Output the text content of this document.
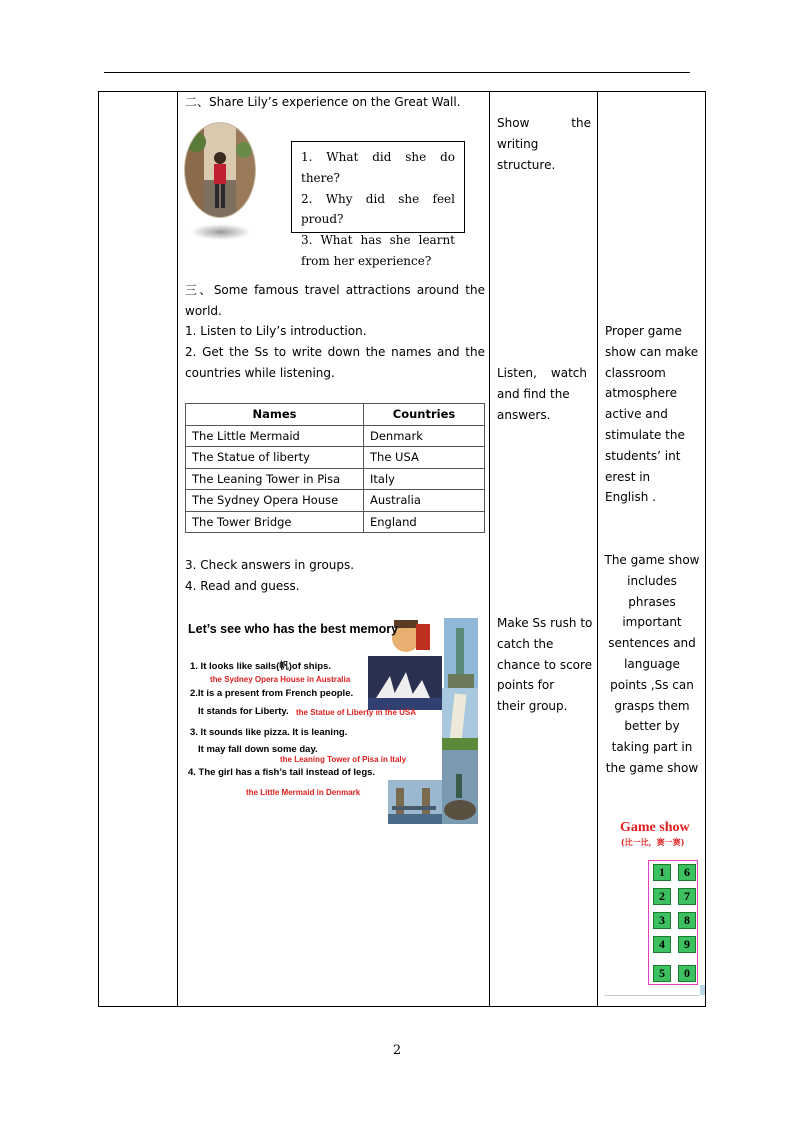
二、Share Lily’s experience on the Great Wall.
1. What did she do there?
2. Why did she feel proud?
3. What has she learnt from her experience?
三、Some famous travel attractions around the
world.
1. Listen to Lily’s introduction.
2. Get the Ss to write down the names and the
countries while listening.
Names	Countries
The Little Mermaid	Denmark
The Statue of liberty	The USA
The Leaning Tower in Pisa	Italy
The Sydney Opera House	Australia
The Tower Bridge	England
3. Check answers in groups.
4. Read and guess.
Let’s see who has the best memory
1. It looks like sails(帆)of ships.
the Sydney Opera House in Australia
2.It is a present from French people.
It stands for Liberty. the Statue of Liberty in the USA
3. It sounds like pizza. It is leaning.
It may fall down some day.
the Leaning Tower of Pisa in Italy
4. The girl has a fish’s tail instead of legs.
the Little Mermaid in Denmark
Show	the
writing
structure.
Listen, watch
and find the
answers.
Make Ss rush to
catch the
chance to score
points for
their group.
Proper game
show can make
classroom
atmosphere
active and
stimulate the
students’ int
erest in
English .
The game show
includes
phrases
important
sentences and
language
points ,Ss can
grasps them
better by
taking part in
the game show
Game show
(比一比，赛一赛)
1	6
2	7
3	8
4	9
5	0
2
